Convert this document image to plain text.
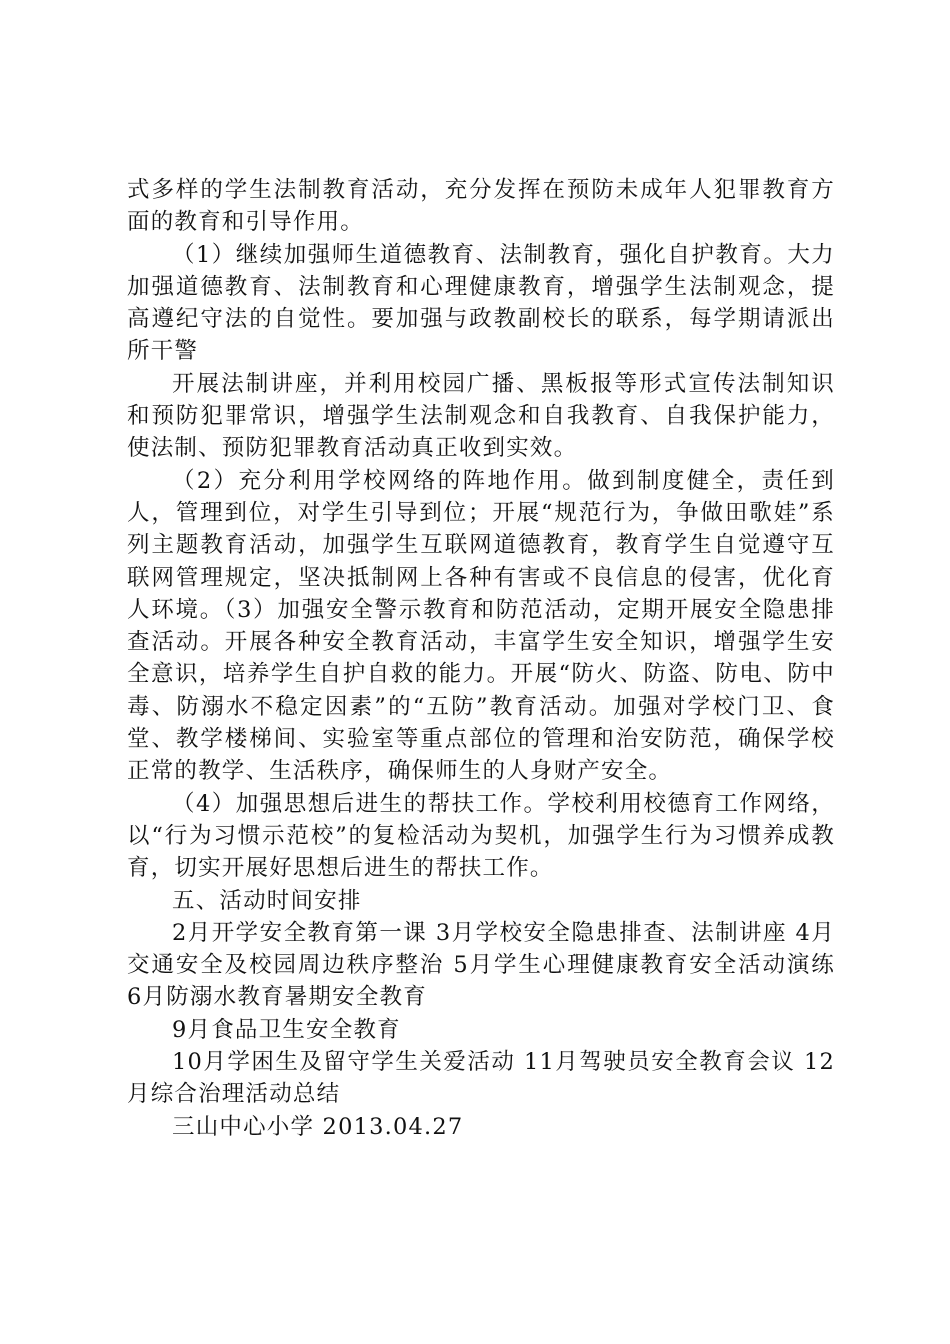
式多样的学生法制教育活动，充分发挥在预防未成年人犯罪教育方面的教育和引导作用。

（1）继续加强师生道德教育、法制教育，强化自护教育。大力加强道德教育、法制教育和心理健康教育，增强学生法制观念，提高遵纪守法的自觉性。要加强与政教副校长的联系，每学期请派出所干警

开展法制讲座，并利用校园广播、黑板报等形式宣传法制知识和预防犯罪常识，增强学生法制观念和自我教育、自我保护能力，使法制、预防犯罪教育活动真正收到实效。

（2）充分利用学校网络的阵地作用。做到制度健全，责任到人，管理到位，对学生引导到位；开展“规范行为，争做田歌娃”系列主题教育活动，加强学生互联网道德教育，教育学生自觉遵守互联网管理规定，坚决抵制网上各种有害或不良信息的侵害，优化育人环境。（3）加强安全警示教育和防范活动，定期开展安全隐患排查活动。开展各种安全教育活动，丰富学生安全知识，增强学生安全意识，培养学生自护自救的能力。开展“防火、防盗、防电、防中毒、防溺水不稳定因素”的“五防”教育活动。加强对学校门卫、食堂、教学楼梯间、实验室等重点部位的管理和治安防范，确保学校正常的教学、生活秩序，确保师生的人身财产安全。

（4）加强思想后进生的帮扶工作。学校利用校德育工作网络，以“行为习惯示范校”的复检活动为契机，加强学生行为习惯养成教育，切实开展好思想后进生的帮扶工作。

五、活动时间安排

2月开学安全教育第一课 3月学校安全隐患排查、法制讲座 4月交通安全及校园周边秩序整治 5月学生心理健康教育安全活动演练 6月防溺水教育暑期安全教育

9月食品卫生安全教育

10月学困生及留守学生关爱活动 11月驾驶员安全教育会议 12月综合治理活动总结

三山中心小学 2013.04.27
